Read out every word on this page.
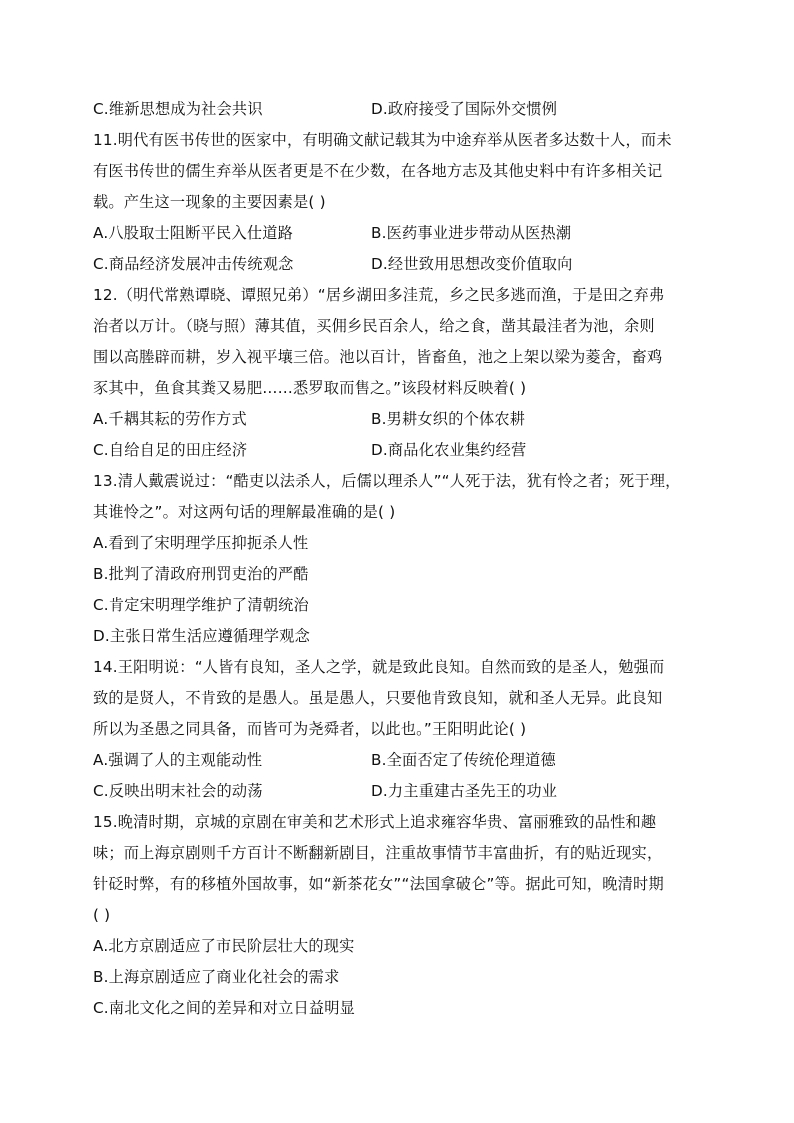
C.维新思想成为社会共识	D.政府接受了国际外交惯例
11.明代有医书传世的医家中，有明确文献记载其为中途弃举从医者多达数十人，而未
有医书传世的儒生弃举从医者更是不在少数，在各地方志及其他史料中有许多相关记
载。产生这一现象的主要因素是( )
A.八股取士阻断平民入仕道路	B.医药事业进步带动从医热潮
C.商品经济发展冲击传统观念	D.经世致用思想改变价值取向
12.（明代常熟谭晓、谭照兄弟）“居乡湖田多洼荒，乡之民多逃而渔，于是田之弃弗
治者以万计。（晓与照）薄其值，买佣乡民百余人，给之食，凿其最洼者为池，余则
围以高塍辟而耕，岁入视平壤三倍。池以百计，皆畜鱼，池之上架以梁为菱舍，畜鸡
豕其中，鱼食其粪又易肥……悉罗取而售之。”该段材料反映着( )
A.千耦其耘的劳作方式	B.男耕女织的个体农耕
C.自给自足的田庄经济	D.商品化农业集约经营
13.清人戴震说过：“酷吏以法杀人，后儒以理杀人”“人死于法，犹有怜之者；死于理，
其谁怜之”。对这两句话的理解最准确的是( )
A.看到了宋明理学压抑扼杀人性
B.批判了清政府刑罚吏治的严酷
C.肯定宋明理学维护了清朝统治
D.主张日常生活应遵循理学观念
14.王阳明说：“人皆有良知，圣人之学，就是致此良知。自然而致的是圣人，勉强而
致的是贤人，不肯致的是愚人。虽是愚人，只要他肯致良知，就和圣人无异。此良知
所以为圣愚之同具备，而皆可为尧舜者，以此也。”王阳明此论( )
A.强调了人的主观能动性	B.全面否定了传统伦理道德
C.反映出明末社会的动荡	D.力主重建古圣先王的功业
15.晚清时期，京城的京剧在审美和艺术形式上追求雍容华贵、富丽雅致的品性和趣
味；而上海京剧则千方百计不断翻新剧目，注重故事情节丰富曲折，有的贴近现实，
针砭时弊，有的移植外国故事，如“新茶花女”“法国拿破仑”等。据此可知，晚清时期
( )
A.北方京剧适应了市民阶层壮大的现实
B.上海京剧适应了商业化社会的需求
C.南北文化之间的差异和对立日益明显
